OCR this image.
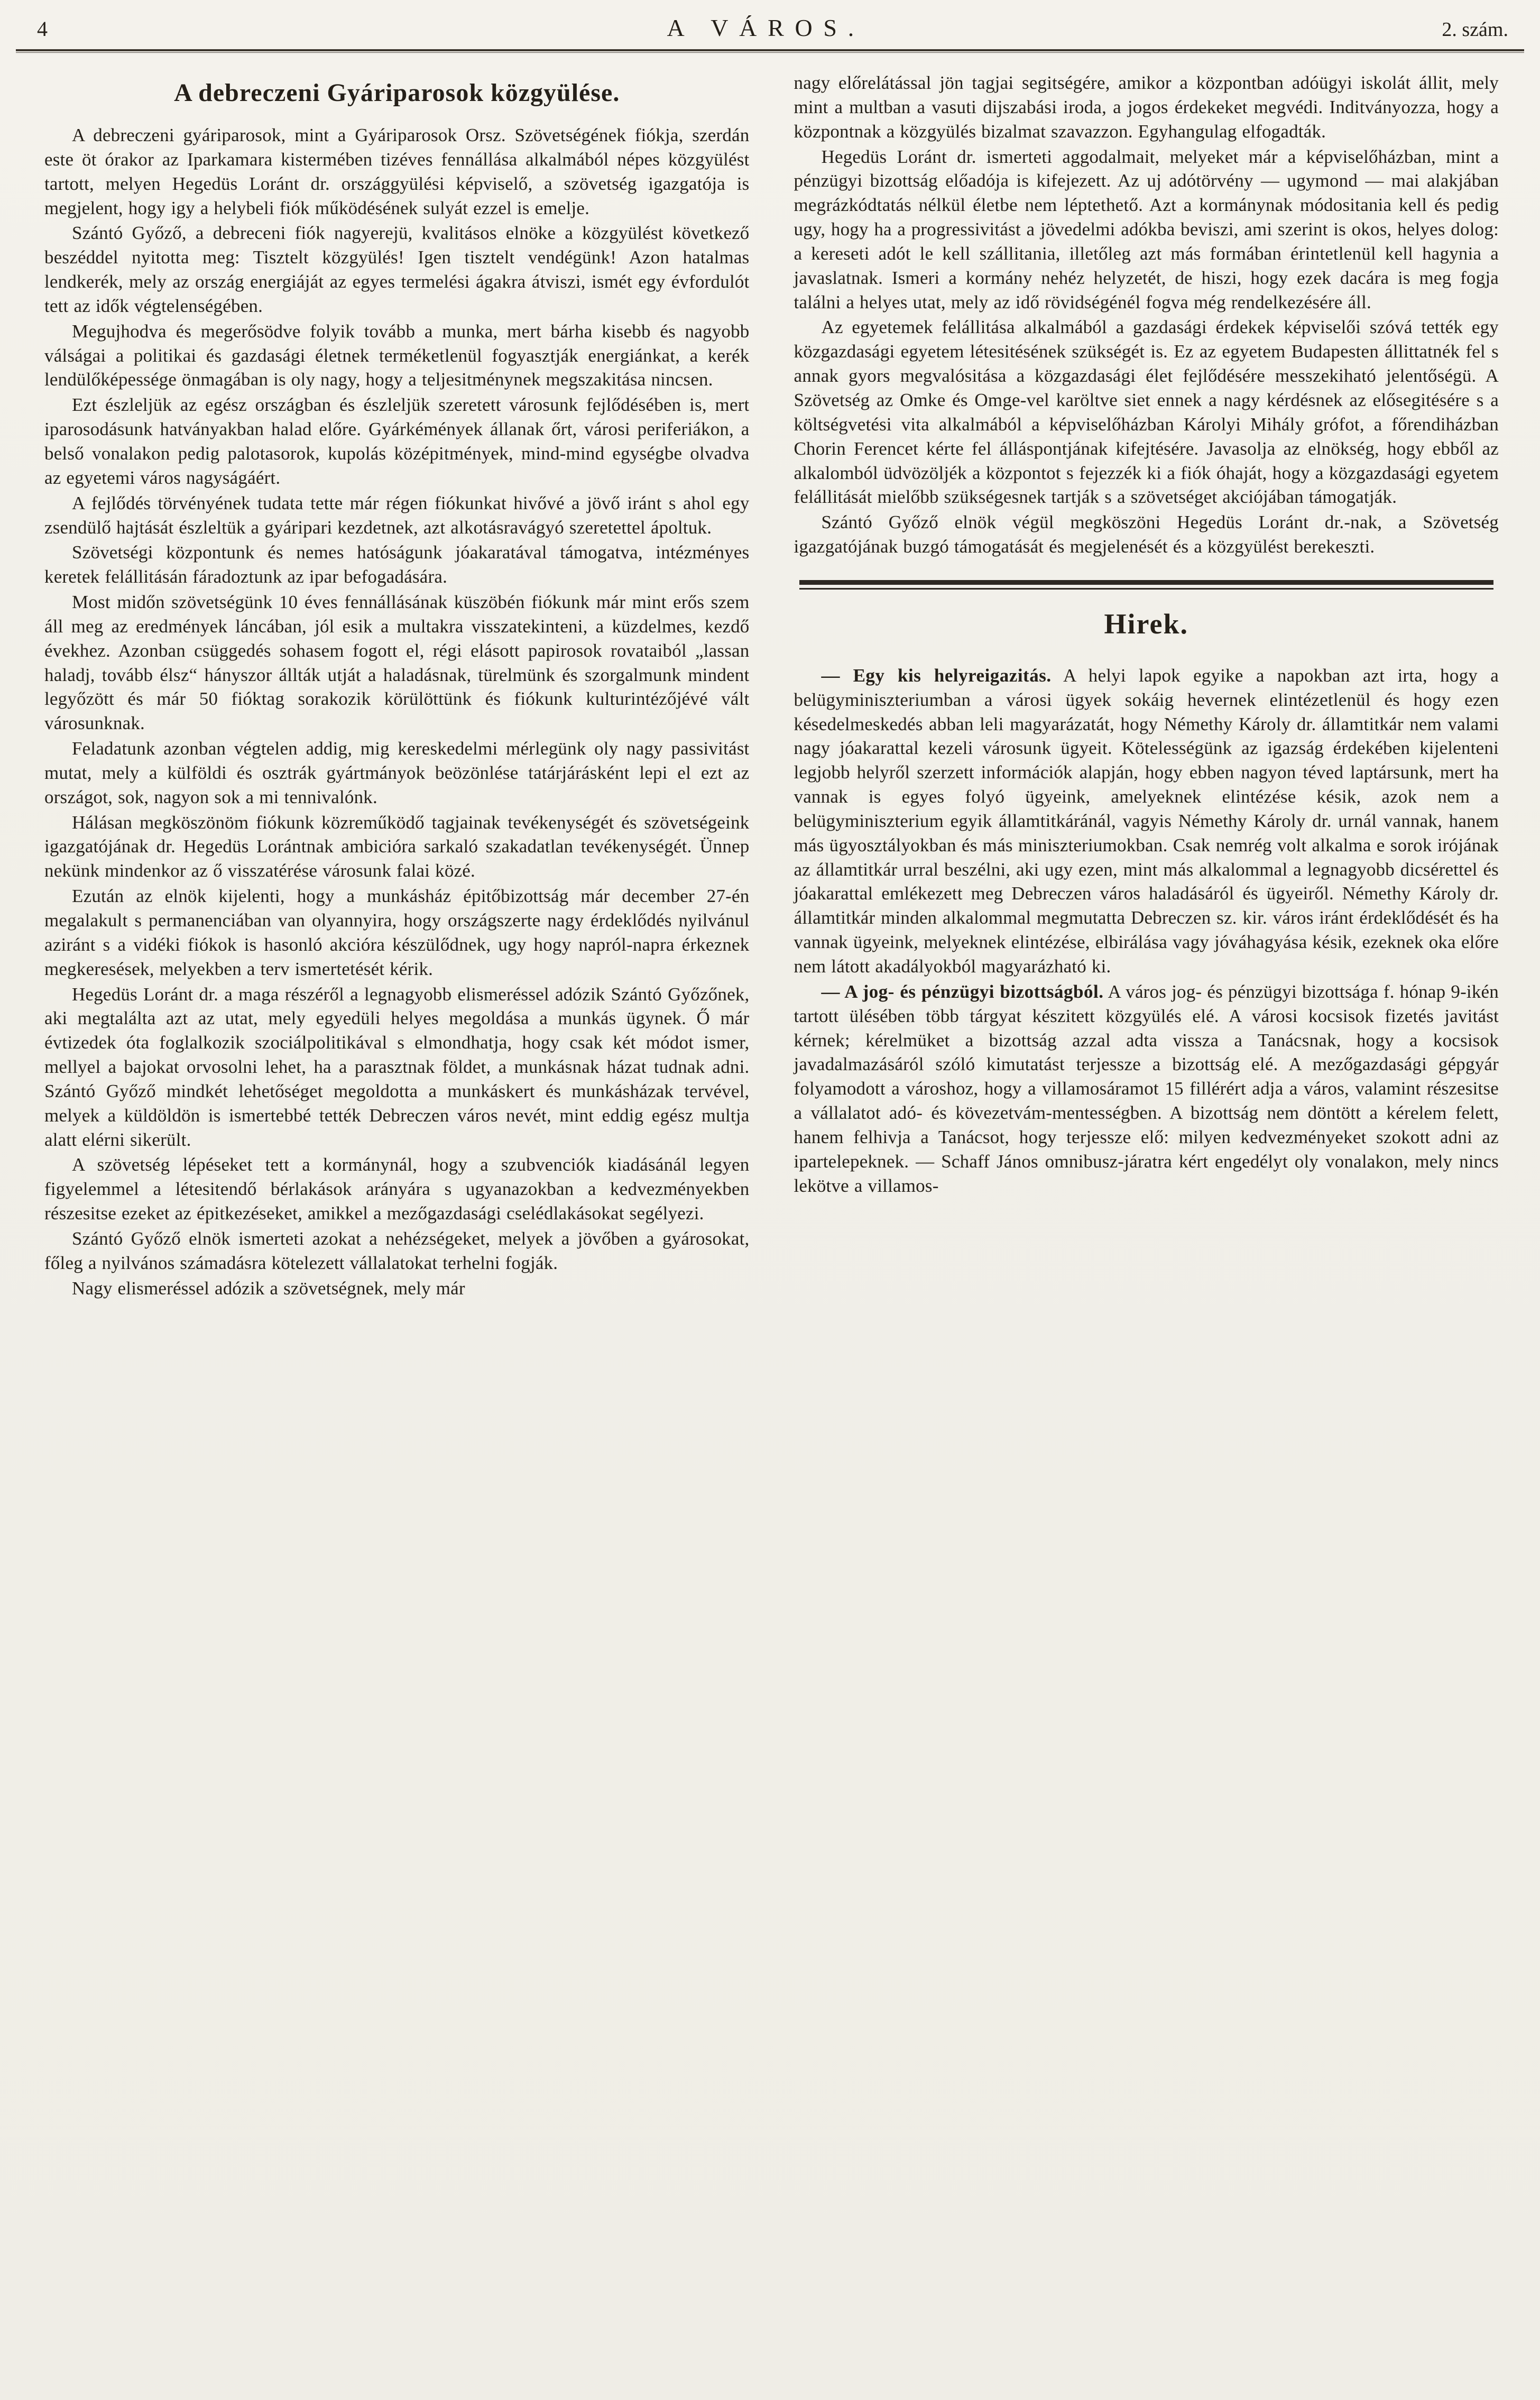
4	A VÁROS.	2. szám.
A debreczeni Gyáriparosok közgyülése.

A debreczeni gyáriparosok, mint a Gyáriparosok Orsz. Szövetségének fiókja, szerdán este öt órakor az Iparkamara kistermében tizéves fennállása alkalmából népes közgyülést tartott, melyen Hegedüs Loránt dr. országgyülési képviselő, a szövetség igazgatója is megjelent, hogy igy a helybeli fiók működésének sulyát ezzel is emelje.

Szántó Győző, a debreceni fiók nagyerejü, kvalitásos elnöke a közgyülést következő beszéddel nyitotta meg: Tisztelt közgyülés! Igen tisztelt vendégünk! Azon hatalmas lendkerék, mely az ország energiáját az egyes termelési ágakra átviszi, ismét egy évfordulót tett az idők végtelenségében.

Megujhodva és megerősödve folyik tovább a munka, mert bárha kisebb és nagyobb válságai a politikai és gazdasági életnek terméketlenül fogyasztják energiánkat, a kerék lendülőképessége önmagában is oly nagy, hogy a teljesitménynek megszakitása nincsen.

Ezt észleljük az egész országban és észleljük szeretett városunk fejlődésében is, mert iparosodásunk hatványakban halad előre. Gyárkémények állanak őrt, városi periferiákon, a belső vonalakon pedig palotasorok, kupolás középitmények, mind-mind egységbe olvadva az egyetemi város nagyságáért.

A fejlődés törvényének tudata tette már régen fiókunkat hivővé a jövő iránt s ahol egy zsendülő hajtását észleltük a gyáripari kezdetnek, azt alkotásravágyó szeretettel ápoltuk.

Szövetségi központunk és nemes hatóságunk jóakaratával támogatva, intézményes keretek felállitásán fáradoztunk az ipar befogadására.

Most midőn szövetségünk 10 éves fennállásának küszöbén fiókunk már mint erős szem áll meg az eredmények láncában, jól esik a multakra visszatekinteni, a küzdelmes, kezdő évekhez. Azonban csüggedés sohasem fogott el, régi elásott papirosok rovataiból „lassan haladj, tovább élsz“ hányszor állták utját a haladásnak, türelmünk és szorgalmunk mindent legyőzött és már 50 fióktag sorakozik körülöttünk és fiókunk kulturintézőjévé vált városunknak.

Feladatunk azonban végtelen addig, mig kereskedelmi mérlegünk oly nagy passivitást mutat, mely a külföldi és osztrák gyártmányok beözönlése tatárjárásként lepi el ezt az országot, sok, nagyon sok a mi tennivalónk.

Hálásan megköszönöm fiókunk közreműködő tagjainak tevékenységét és szövetségeink igazgatójának dr. Hegedüs Lorántnak ambicióra sarkaló szakadatlan tevékenységét. Ünnep nekünk mindenkor az ő visszatérése városunk falai közé.

Ezután az elnök kijelenti, hogy a munkásház épitőbizottság már december 27-én megalakult s permanenciában van olyannyira, hogy országszerte nagy érdeklődés nyilvánul aziránt s a vidéki fiókok is hasonló akcióra készülődnek, ugy hogy napról-napra érkeznek megkeresések, melyekben a terv ismertetését kérik.

Hegedüs Loránt dr. a maga részéről a legnagyobb elismeréssel adózik Szántó Győzőnek, aki megtalálta azt az utat, mely egyedüli helyes megoldása a munkás ügynek. Ő már évtizedek óta foglalkozik szociálpolitikával s elmondhatja, hogy csak két módot ismer, mellyel a bajokat orvosolni lehet, ha a parasztnak földet, a munkásnak házat tudnak adni. Szántó Győző mindkét lehetőséget megoldotta a munkáskert és munkásházak tervével, melyek a küldöldön is ismertebbé tették Debreczen város nevét, mint eddig egész multja alatt elérni sikerült.

A szövetség lépéseket tett a kormánynál, hogy a szubvenciók kiadásánál legyen figyelemmel a létesitendő bérlakások arányára s ugyanazokban a kedvezményekben részesitse ezeket az épitkezéseket, amikkel a mezőgazdasági cselédlakásokat segélyezi.

Szántó Győző elnök ismerteti azokat a nehézségeket, melyek a jövőben a gyárosokat, főleg a nyilvános számadásra kötelezett vállalatokat terhelni fogják.

Nagy elismeréssel adózik a szövetségnek, mely már

nagy előrelátással jön tagjai segitségére, amikor a központban adóügyi iskolát állit, mely mint a multban a vasuti dijszabási iroda, a jogos érdekeket megvédi. Inditványozza, hogy a központnak a közgyülés bizalmat szavazzon. Egyhangulag elfogadták.

Hegedüs Loránt dr. ismerteti aggodalmait, melyeket már a képviselőházban, mint a pénzügyi bizottság előadója is kifejezett. Az uj adótörvény — ugymond — mai alakjában megrázkódtatás nélkül életbe nem léptethető. Azt a kormánynak módositania kell és pedig ugy, hogy ha a progressivitást a jövedelmi adókba beviszi, ami szerint is okos, helyes dolog: a kereseti adót le kell szállitania, illetőleg azt más formában érintetlenül kell hagynia a javaslatnak. Ismeri a kormány nehéz helyzetét, de hiszi, hogy ezek dacára is meg fogja találni a helyes utat, mely az idő rövidségénél fogva még rendelkezésére áll.

Az egyetemek felállitása alkalmából a gazdasági érdekek képviselői szóvá tették egy közgazdasági egyetem létesitésének szükségét is. Ez az egyetem Budapesten állittatnék fel s annak gyors megvalósitása a közgazdasági élet fejlődésére messzekiható jelentőségü. A Szövetség az Omke és Omge-vel karöltve siet ennek a nagy kérdésnek az elősegitésére s a költségvetési vita alkalmából a képviselőházban Károlyi Mihály grófot, a főrendiházban Chorin Ferencet kérte fel álláspontjának kifejtésére. Javasolja az elnökség, hogy ebből az alkalomból üdvözöljék a központot s fejezzék ki a fiók óhaját, hogy a közgazdasági egyetem felállitását mielőbb szükségesnek tartják s a szövetséget akciójában támogatják.

Szántó Győző elnök végül megköszöni Hegedüs Loránt dr.-nak, a Szövetség igazgatójának buzgó támogatását és megjelenését és a közgyülést berekeszti.

Hirek.

— Egy kis helyreigazitás. A helyi lapok egyike a napokban azt irta, hogy a belügyminiszteriumban a városi ügyek sokáig hevernek elintézetlenül és hogy ezen késedelmeskedés abban leli magyarázatát, hogy Némethy Károly dr. államtitkár nem valami nagy jóakarattal kezeli városunk ügyeit. Kötelességünk az igazság érdekében kijelenteni legjobb helyről szerzett információk alapján, hogy ebben nagyon téved laptársunk, mert ha vannak is egyes folyó ügyeink, amelyeknek elintézése késik, azok nem a belügyminiszterium egyik államtitkáránál, vagyis Némethy Károly dr. urnál vannak, hanem más ügyosztályokban és más miniszteriumokban. Csak nemrég volt alkalma e sorok irójának az államtitkár urral beszélni, aki ugy ezen, mint más alkalommal a legnagyobb dicsérettel és jóakarattal emlékezett meg Debreczen város haladásáról és ügyeiről. Némethy Károly dr. államtitkár minden alkalommal megmutatta Debreczen sz. kir. város iránt érdeklődését és ha vannak ügyeink, melyeknek elintézése, elbirálása vagy jóváhagyása késik, ezeknek oka előre nem látott akadályokból magyarázható ki.

— A jog- és pénzügyi bizottságból. A város jog- és pénzügyi bizottsága f. hónap 9-ikén tartott ülésében több tárgyat készitett közgyülés elé. A városi kocsisok fizetés javitást kérnek; kérelmüket a bizottság azzal adta vissza a Tanácsnak, hogy a kocsisok javadalmazásáról szóló kimutatást terjessze a bizottság elé. A mezőgazdasági gépgyár folyamodott a városhoz, hogy a villamosáramot 15 fillérért adja a város, valamint részesitse a vállalatot adó- és kövezetvám-mentességben. A bizottság nem döntött a kérelem felett, hanem felhivja a Tanácsot, hogy terjessze elő: milyen kedvezményeket szokott adni az ipartelepeknek. — Schaff János omnibusz-járatra kért engedélyt oly vonalakon, mely nincs lekötve a villamos-
